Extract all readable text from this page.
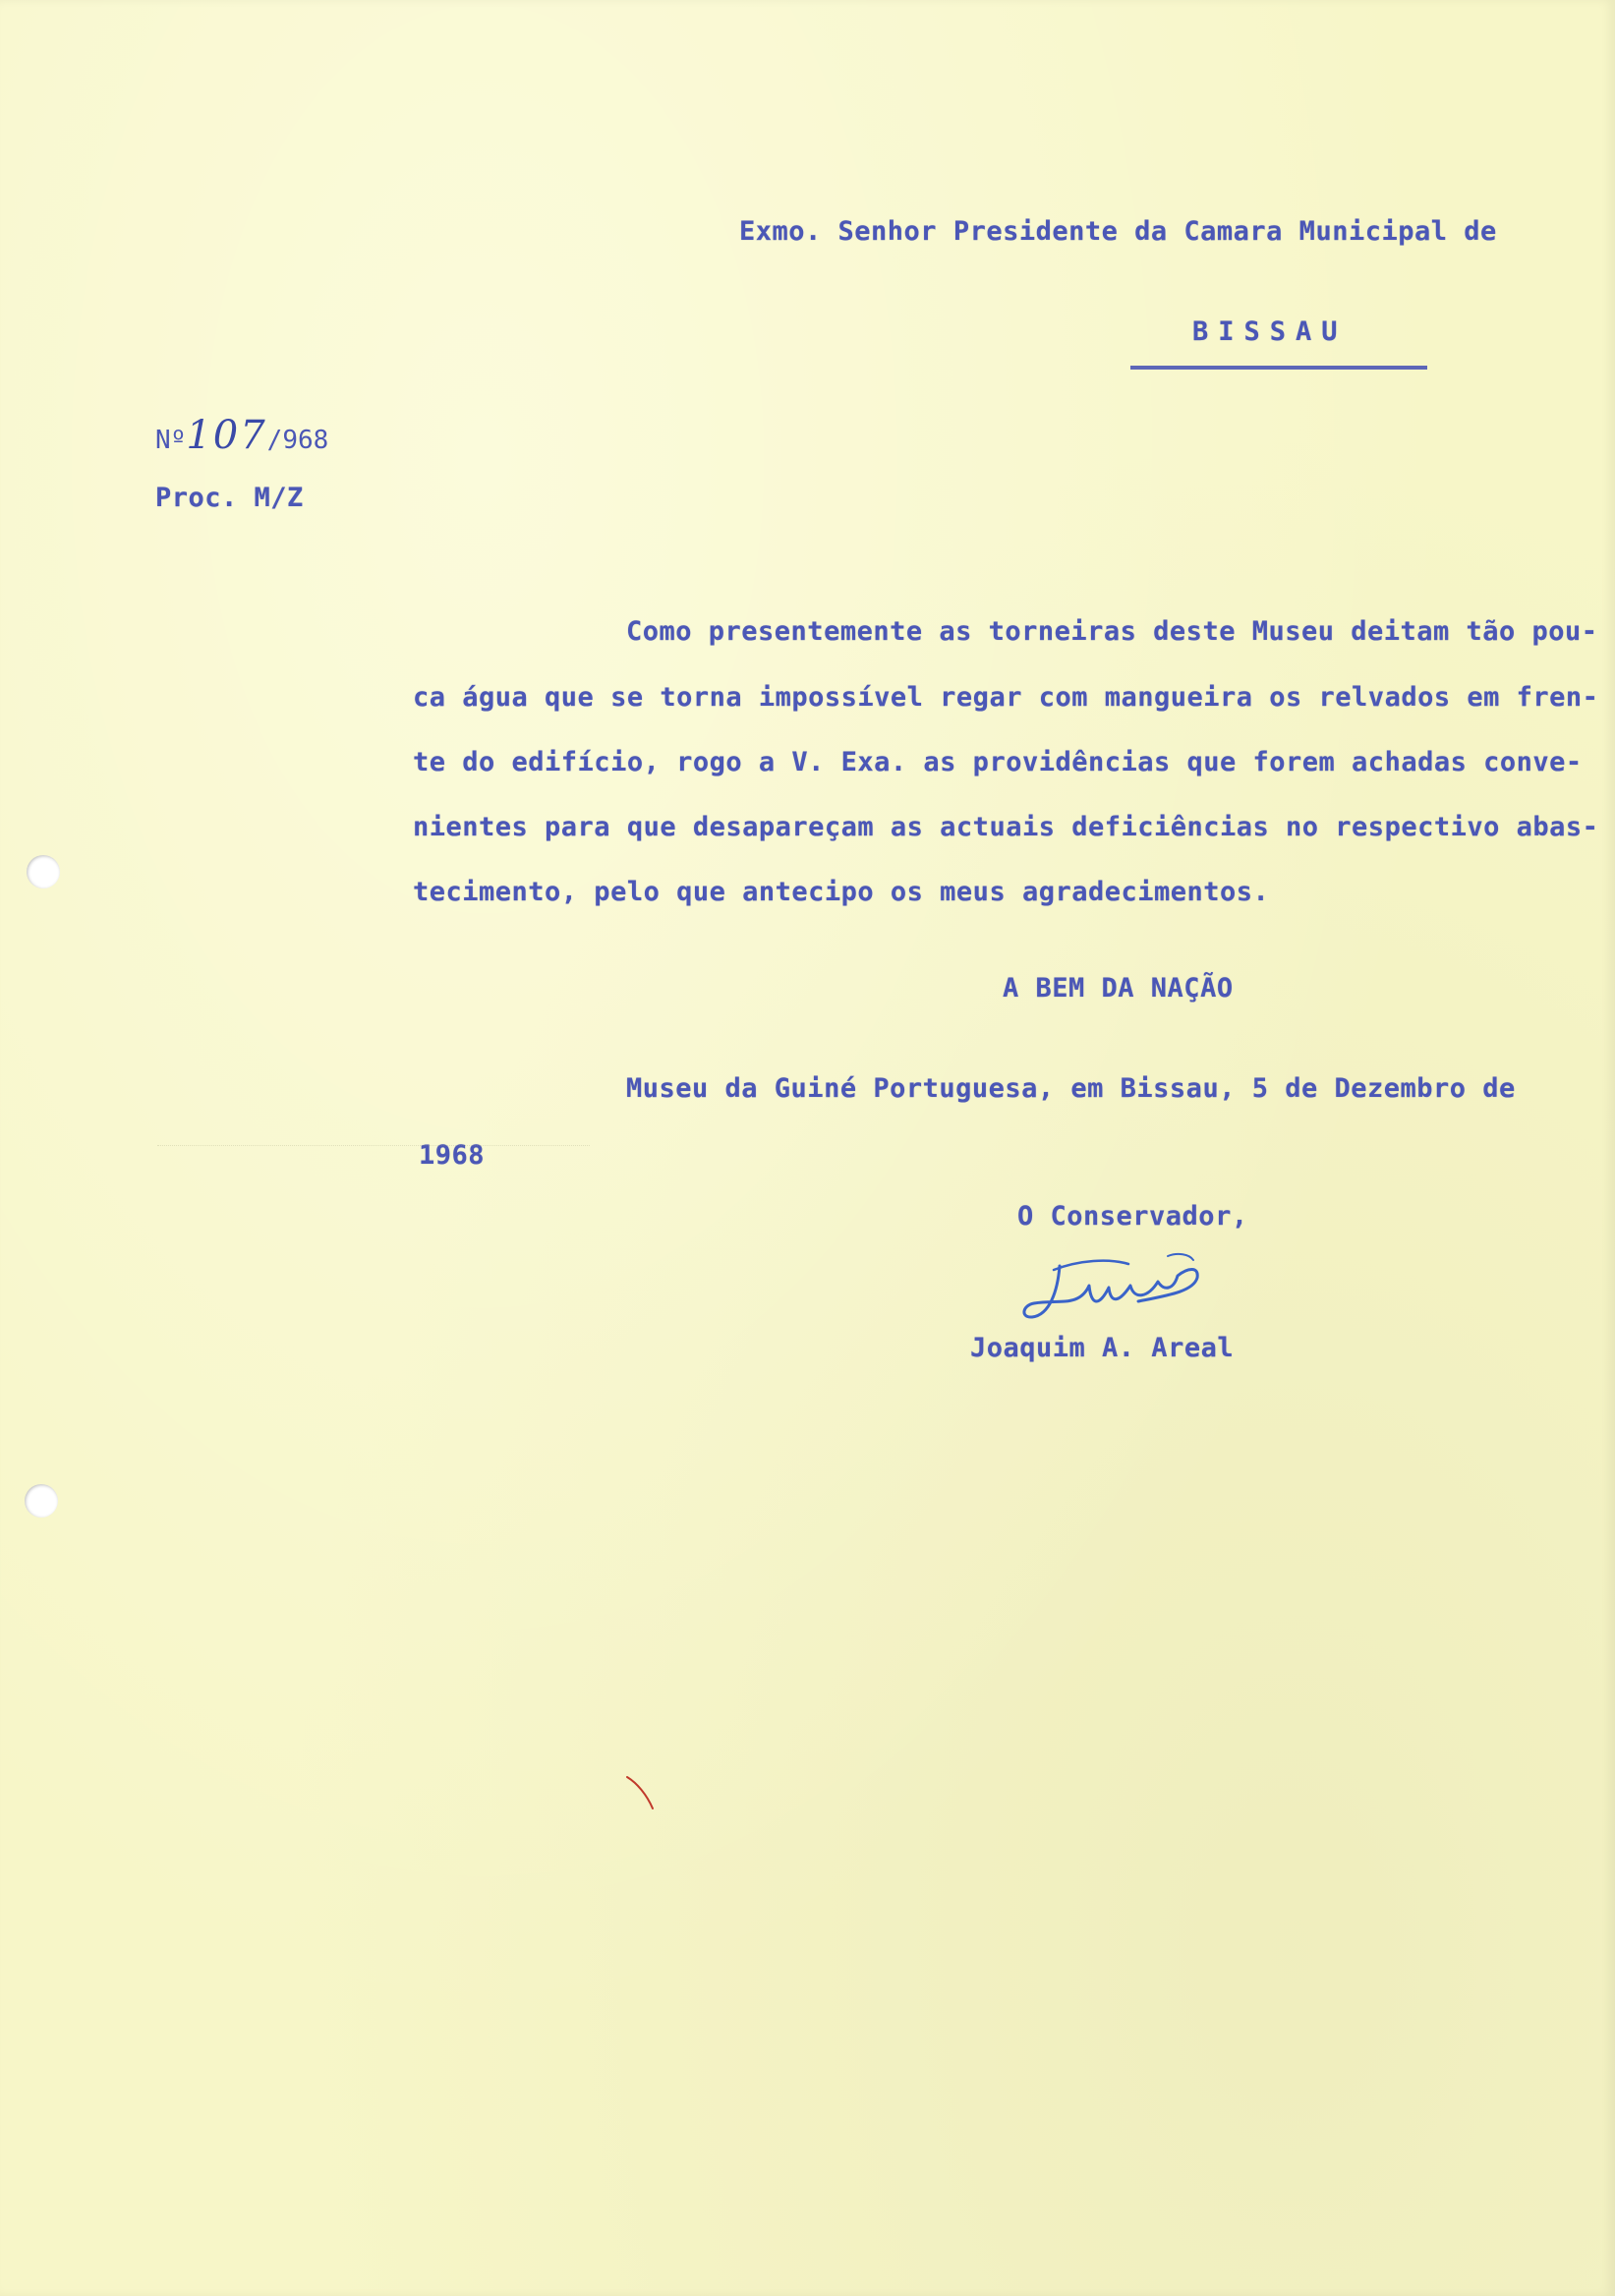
Exmo. Senhor Presidente da Camara Municipal de
BISSAU
Nº107/968
Proc. M/Z
Como presentemente as torneiras deste Museu deitam tão pou-
ca água que se torna impossível regar com mangueira os relvados em fren-
te do edifício, rogo a V. Exa. as providências que forem achadas conve-
nientes para que desapareçam as actuais deficiências no respectivo abas-
tecimento, pelo que antecipo os meus agradecimentos.
A BEM DA NAÇÃO
Museu da Guiné Portuguesa, em Bissau, 5 de Dezembro de
1968
O Conservador,
Joaquim A. Areal
